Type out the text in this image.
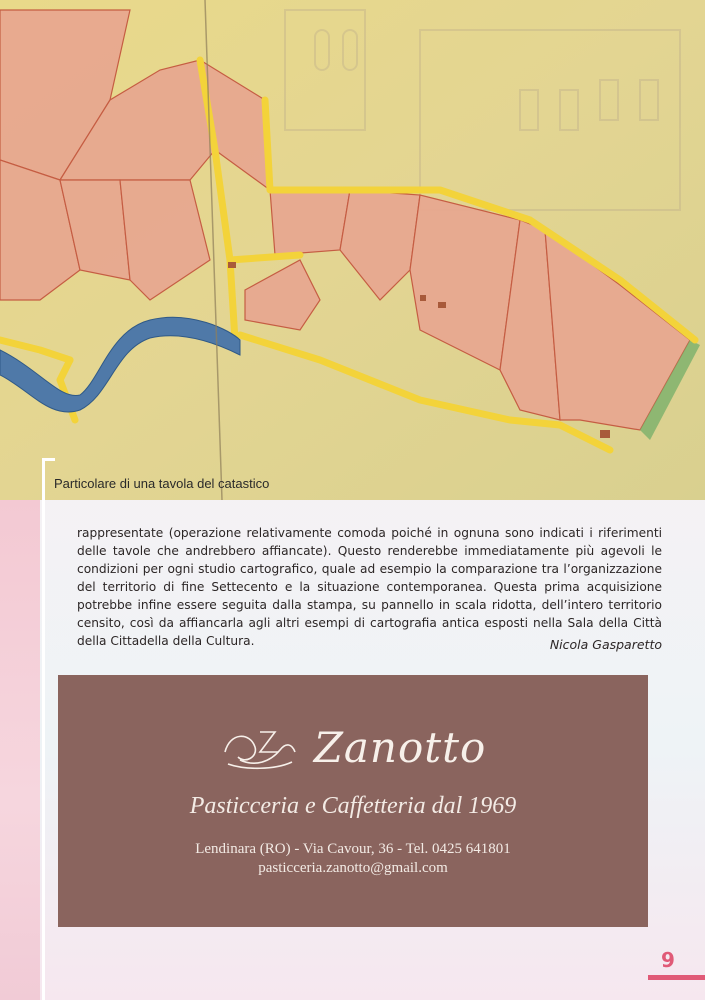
Particolare di una tavola del catastico

rappresentate (operazione relativamente comoda poiché in ognuna sono indicati i riferimenti delle tavole che andrebbero affiancate). Questo renderebbe immediatamente più agevoli le condizioni per ogni studio cartografico, quale ad esempio la comparazione tra l’organizzazione del territorio di fine Settecento e la situazione contemporanea. Questa prima acquisizione potrebbe infine essere seguita dalla stampa, su pannello in scala ridotta, dell’intero territorio censito, così da affiancarla agli altri esempi di cartografia antica esposti nella Sala della Città della Cittadella della Cultura.	Nicola Gasparetto
Zanotto
Pasticceria e Caffetteria dal 1969
Lendinara (RO) - Via Cavour, 36 - Tel. 0425 641801
pasticceria.zanotto@gmail.com
9
